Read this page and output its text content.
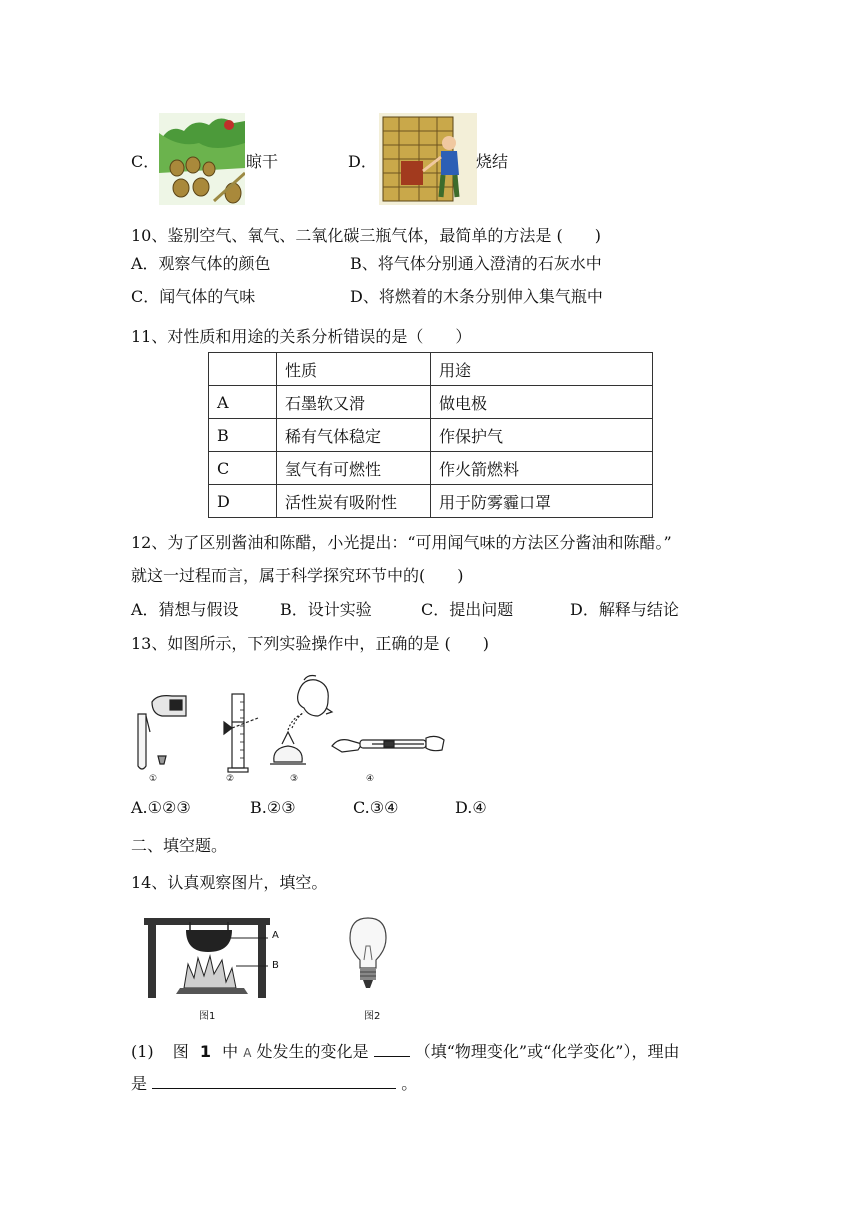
C．	晾干	D．	烧结
10、鉴别空气、氧气、二氧化碳三瓶气体，最简单的方法是 (　　)
A．观察气体的颜色	B、将气体分别通入澄清的石灰水中
C．闻气体的气味	D、将燃着的木条分别伸入集气瓶中
11、对性质和用途的关系分析错误的是（　　）
	性质	用途
A	石墨软又滑	做电极
B	稀有气体稳定	作保护气
C	氢气有可燃性	作火箭燃料
D	活性炭有吸附性	用于防雾霾口罩
12、为了区别酱油和陈醋，小光提出：“可用闻气味的方法区分酱油和陈醋。”
就这一过程而言，属于科学探究环节中的(　　)
A．猜想与假设	B．设计实验	C．提出问题	D．解释与结论
13、如图所示，下列实验操作中，正确的是 (　　)
①	②	③	④
A.①②③	B.②③	C.③④	D.④
二、填空题。
14、认真观察图片，填空。
A
B
图1	图2
(1) 图 1 中 A 处发生的变化是	（填“物理变化”或“化学变化”），理由
是	。
